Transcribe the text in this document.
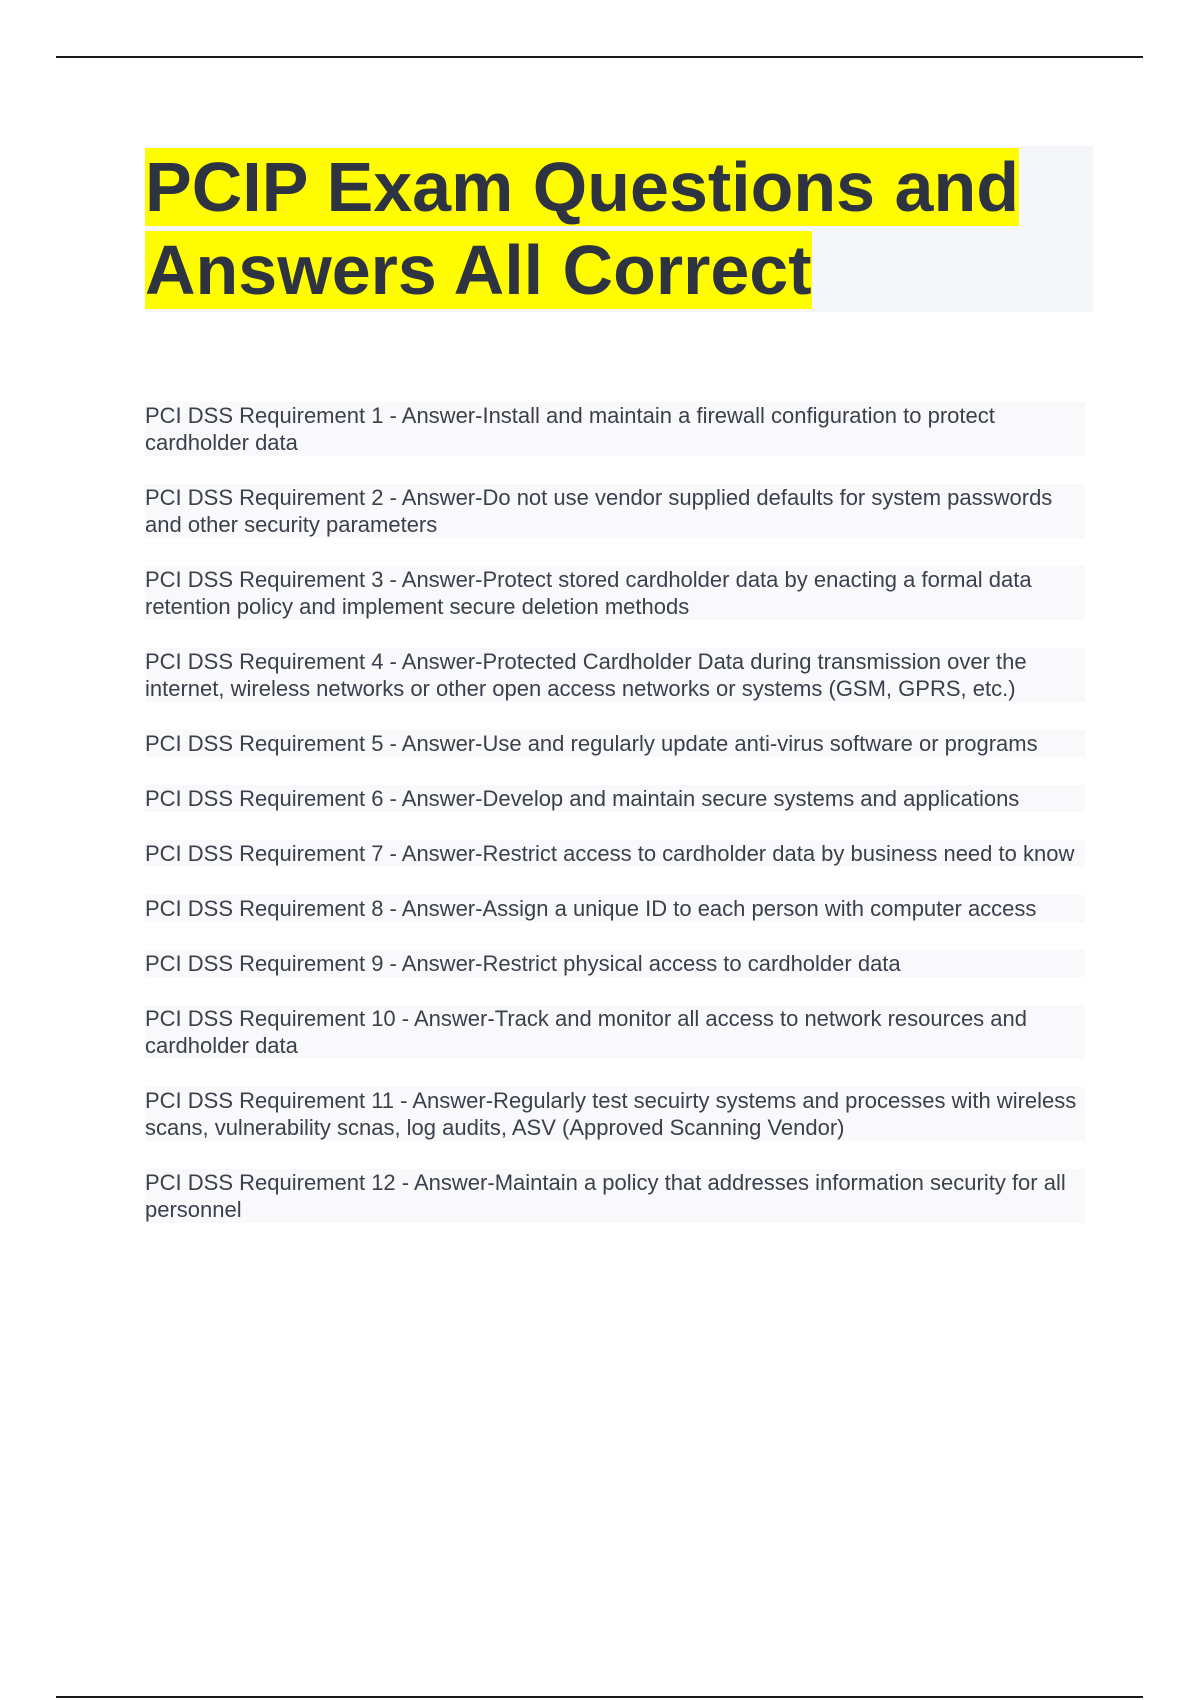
PCIP Exam Questions and Answers All Correct
PCI DSS Requirement 1 - Answer-Install and maintain a firewall configuration to protect cardholder data
PCI DSS Requirement 2 - Answer-Do not use vendor supplied defaults for system passwords and other security parameters
PCI DSS Requirement 3 - Answer-Protect stored cardholder data by enacting a formal data retention policy and implement secure deletion methods
PCI DSS Requirement 4 - Answer-Protected Cardholder Data during transmission over the internet, wireless networks or other open access networks or systems (GSM, GPRS, etc.)
PCI DSS Requirement 5 - Answer-Use and regularly update anti-virus software or programs
PCI DSS Requirement 6 - Answer-Develop and maintain secure systems and applications
PCI DSS Requirement 7 - Answer-Restrict access to cardholder data by business need to know
PCI DSS Requirement 8 - Answer-Assign a unique ID to each person with computer access
PCI DSS Requirement 9 - Answer-Restrict physical access to cardholder data
PCI DSS Requirement 10 - Answer-Track and monitor all access to network resources and cardholder data
PCI DSS Requirement 11 - Answer-Regularly test secuirty systems and processes with wireless scans, vulnerability scnas, log audits, ASV (Approved Scanning Vendor)
PCI DSS Requirement 12 - Answer-Maintain a policy that addresses information security for all personnel
